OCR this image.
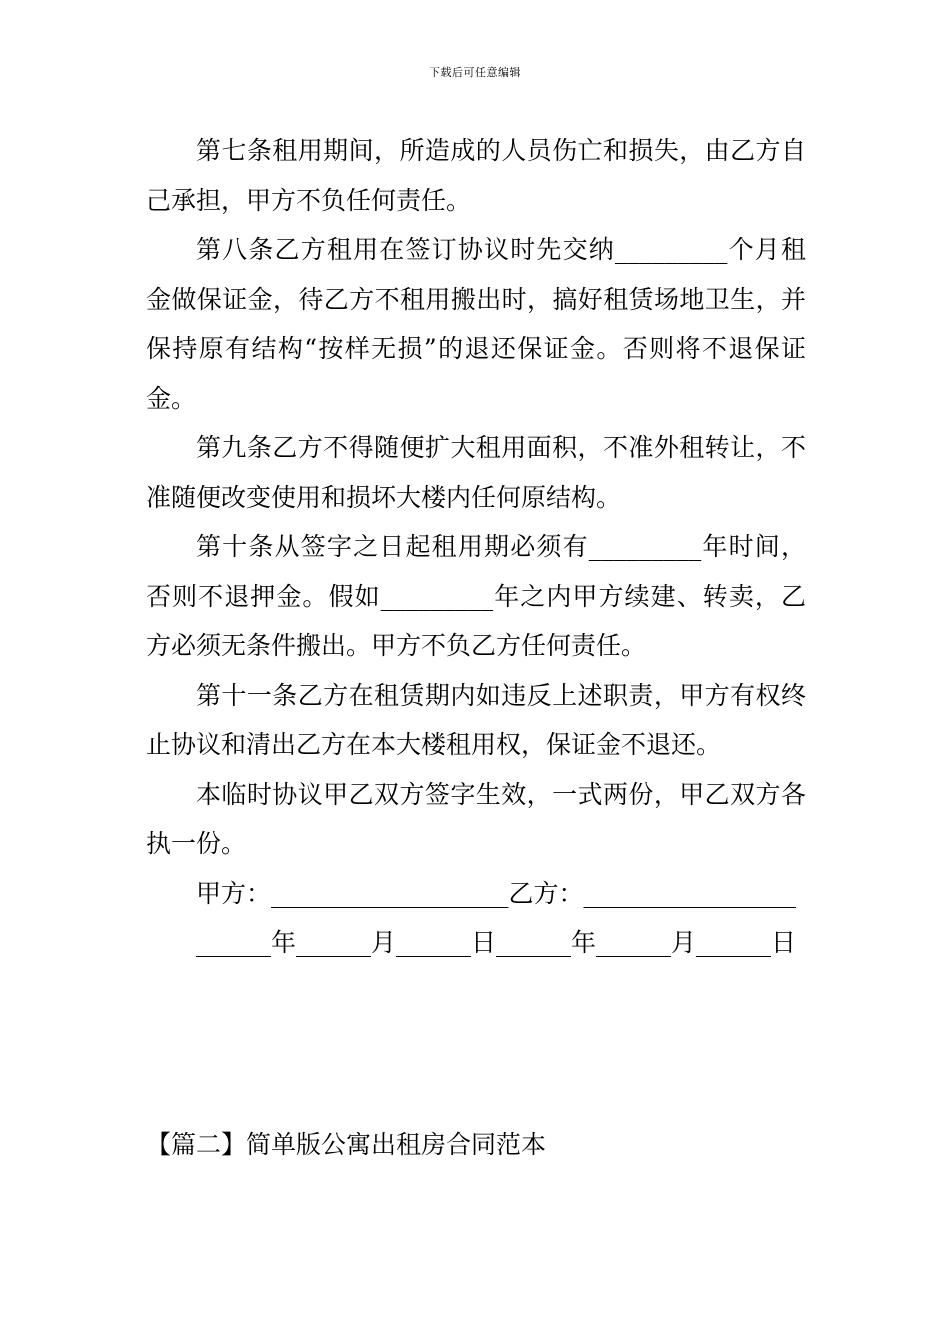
下载后可任意编辑

第七条租用期间，所造成的人员伤亡和损失，由乙方自己承担，甲方不负任何责任。

第八条乙方租用在签订协议时先交纳_________个月租金做保证金，待乙方不租用搬出时，搞好租赁场地卫生，并保持原有结构“按样无损”的退还保证金。否则将不退保证金。

第九条乙方不得随便扩大租用面积，不准外租转让，不准随便改变使用和损坏大楼内任何原结构。

第十条从签字之日起租用期必须有_________年时间，否则不退押金。假如_________年之内甲方续建、转卖，乙方必须无条件搬出。甲方不负乙方任何责任。

第十一条乙方在租赁期内如违反上述职责，甲方有权终止协议和清出乙方在本大楼租用权，保证金不退还。

本临时协议甲乙双方签字生效，一式两份，甲乙双方各执一份。

甲方：___________________乙方：_________________

______年______月______日______年______月______日

【篇二】简单版公寓出租房合同范本
